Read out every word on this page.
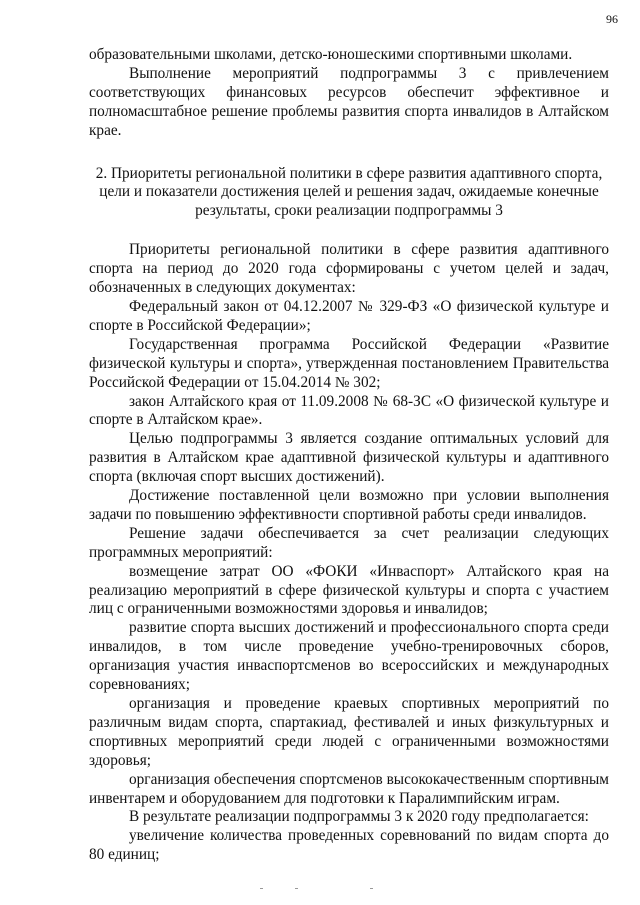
96

образовательными школами, детско-юношескими спортивными школами.

Выполнение мероприятий подпрограммы 3 с привлечением соответствующих финансовых ресурсов обеспечит эффективное и полномасштабное решение проблемы развития спорта инвалидов в Алтайском крае.

2. Приоритеты региональной политики в сфере развития адаптивного спорта, цели и показатели достижения целей и решения задач, ожидаемые конечные результаты, сроки реализации подпрограммы 3

Приоритеты региональной политики в сфере развития адаптивного спорта на период до 2020 года сформированы с учетом целей и задач, обозначенных в следующих документах:

Федеральный закон от 04.12.2007 № 329-ФЗ «О физической культуре и спорте в Российской Федерации»;

Государственная программа Российской Федерации «Развитие физической культуры и спорта», утвержденная постановлением Правительства Российской Федерации от 15.04.2014 № 302;

закон Алтайского края от 11.09.2008 № 68-ЗС «О физической культуре и спорте в Алтайском крае».

Целью подпрограммы 3 является создание оптимальных условий для развития в Алтайском крае адаптивной физической культуры и адаптивного спорта (включая спорт высших достижений).

Достижение поставленной цели возможно при условии выполнения задачи по повышению эффективности спортивной работы среди инвалидов.

Решение задачи обеспечивается за счет реализации следующих программных мероприятий:

возмещение затрат ОО «ФОКИ «Инваспорт» Алтайского края на реализацию мероприятий в сфере физической культуры и спорта с участием лиц с ограниченными возможностями здоровья и инвалидов;

развитие спорта высших достижений и профессионального спорта среди инвалидов, в том числе проведение учебно-тренировочных сборов, организация участия инваспортсменов во всероссийских и международных соревнованиях;

организация и проведение краевых спортивных мероприятий по различным видам спорта, спартакиад, фестивалей и иных физкультурных и спортивных мероприятий среди людей с ограниченными возможностями здоровья;

организация обеспечения спортсменов высококачественным спортивным инвентарем и оборудованием для подготовки к Паралимпийским играм.

В результате реализации подпрограммы 3 к 2020 году предполагается:

увеличение количества проведенных соревнований по видам спорта до 80 единиц;
